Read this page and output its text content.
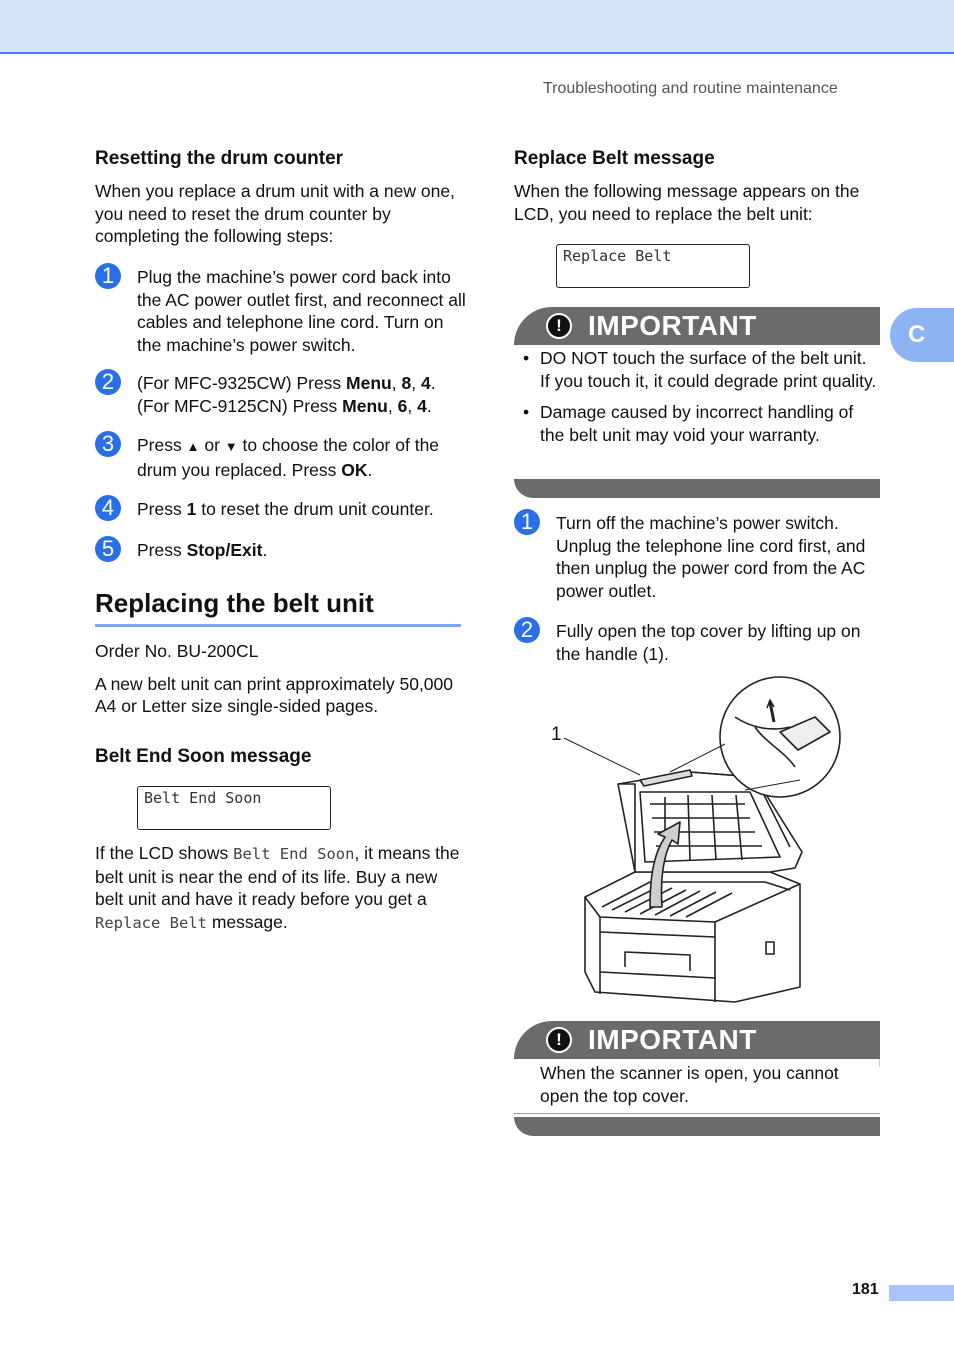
Troubleshooting and routine maintenance
C
Resetting the drum counter

When you replace a drum unit with a new one, you need to reset the drum counter by completing the following steps:

1	Plug the machine’s power cord back into the AC power outlet first, and reconnect all cables and telephone line cord. Turn on the machine’s power switch.
2	(For MFC-9325CW) Press Menu, 8, 4.
(For MFC-9125CN) Press Menu, 6, 4.
3	Press ▲ or ▼ to choose the color of the drum you replaced. Press OK.
4	Press 1 to reset the drum unit counter.
5	Press Stop/Exit.
Replacing the belt unit

Order No. BU-200CL

A new belt unit can print approximately 50,000 A4 or Letter size single-sided pages.

Belt End Soon message
Belt End Soon

If the LCD shows Belt End Soon, it means the belt unit is near the end of its life. Buy a new belt unit and have it ready before you get a Replace Belt message.

Replace Belt message

When the following message appears on the LCD, you need to replace the belt unit:

Replace Belt
! IMPORTANT
• DO NOT touch the surface of the belt unit. If you touch it, it could degrade print quality.
• Damage caused by incorrect handling of the belt unit may void your warranty.
1	Turn off the machine’s power switch. Unplug the telephone line cord first, and then unplug the power cord from the AC power outlet.
2	Fully open the top cover by lifting up on the handle (1).
1
! IMPORTANT

When the scanner is open, you cannot open the top cover.

181
